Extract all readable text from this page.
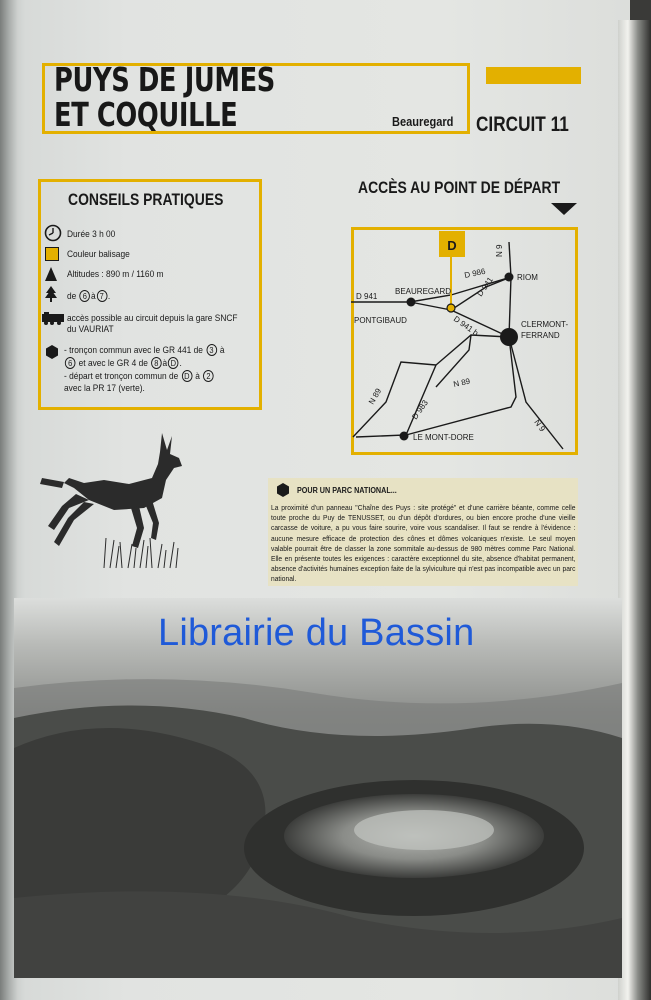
PUYS DE JUMES
ET COQUILLE	Beauregard CIRCUIT 11
CONSEILS PRATIQUES
Durée 3 h 00
Couleur balisage
Altitudes : 890 m / 1160 m
de 6 à 7 .
accès possible au circuit depuis la gare SNCF
du VAURIAT
- tronçon commun avec le GR 441 de 3 à
6 et avec le GR 4 de 8 à D .
- départ et tronçon commun de D à 2
avec la PR 17 (verte).
ACCÈS AU POINT DE DÉPART
D	N 9
D 986	RIOM
BEAUREGARD
D 941
PONTGIBAUD
D 941
D 941 b	CLERMONT-
FERRAND
N 89
N 89
D 983
LE MONT-DORE
N 9
POUR UN PARC NATIONAL...
La proximité d'un panneau "Chaîne des Puys : site protégé" et d'une carrière béante, comme celle toute proche du Puy de TENUSSET, ou d'un dépôt d'ordures, ou bien encore proche d'une vieille carcasse de voiture, a pu vous faire sourire, voire vous scandaliser. Il faut se rendre à l'évidence : aucune mesure efficace de protection des cônes et dômes volcaniques n'existe. Le seul moyen valable pourrait être de classer la zone sommitale au-dessus de 980 mètres comme Parc National. Elle en présente toutes les exigences : caractère exceptionnel du site, absence d'habitat permanent, absence d'activités humaines exception faite de la sylviculture qui n'est pas incompatible avec un parc national.
Librairie du Bassin
